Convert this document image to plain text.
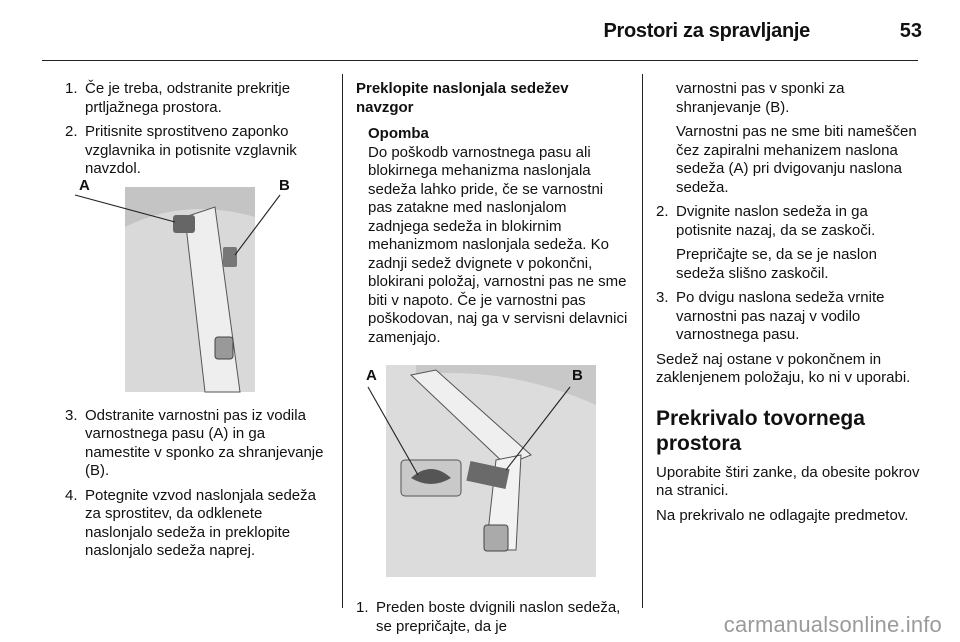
Prostori za spravljanje	53
1. Če je treba, odstranite prekritje prtljažnega prostora.
2. Pritisnite sprostitveno zaponko vzglavnika in potisnite vzglavnik navzdol.
A	B
3. Odstranite varnostni pas iz vodila varnostnega pasu (A) in ga namestite v sponko za shranjevanje (B).
4. Potegnite vzvod naslonjala sedeža za sprostitev, da odklenete naslonjalo sedeža in preklopite naslonjalo sedeža naprej.
Preklopite naslonjala sedežev navzgor
Opomba
Do poškodb varnostnega pasu ali blokirnega mehanizma naslonjala sedeža lahko pride, če se varnostni pas zatakne med naslonjalom zadnjega sedeža in blokirnim mehanizmom naslonjala sedeža. Ko zadnji sedež dvignete v pokončni, blokirani položaj, varnostni pas ne sme biti v napoto. Če je varnostni pas poškodovan, naj ga v servisni delavnici zamenjajo.
A	B
1. Preden boste dvignili naslon sedeža, se prepričajte, da je
varnostni pas v sponki za shranjevanje (B).
Varnostni pas ne sme biti nameščen čez zapiralni mehanizem naslona sedeža (A) pri dvigovanju naslona sedeža.
2. Dvignite naslon sedeža in ga potisnite nazaj, da se zaskoči.
Prepričajte se, da se je naslon sedeža slišno zaskočil.
3. Po dvigu naslona sedeža vrnite varnostni pas nazaj v vodilo varnostnega pasu.
Sedež naj ostane v pokončnem in zaklenjenem položaju, ko ni v uporabi.
Prekrivalo tovornega prostora
Uporabite štiri zanke, da obesite pokrov na stranici.
Na prekrivalo ne odlagajte predmetov.
carmanualsonline.info
